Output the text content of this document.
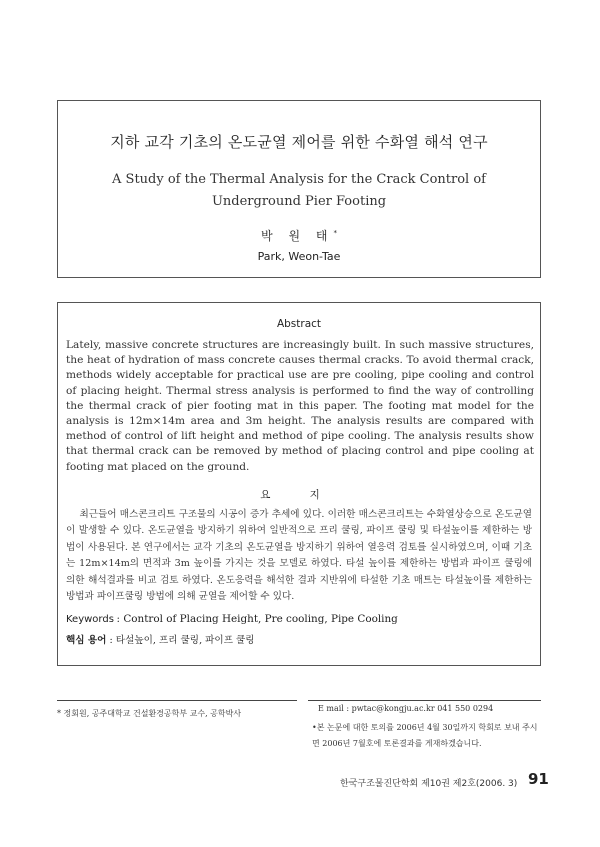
지하 교각 기초의 온도균열 제어를 위한 수화열 해석 연구
A Study of the Thermal Analysis for the Crack Control of
Underground Pier Footing
박 원 태*
Park, Weon-Tae
Abstract
Lately, massive concrete structures are increasingly built. In such massive structures, the heat of hydration of mass concrete causes thermal cracks. To avoid thermal crack, methods widely acceptable for practical use are pre cooling, pipe cooling and control of placing height. Thermal stress analysis is performed to find the way of controlling the thermal crack of pier footing mat in this paper. The footing mat model for the analysis is 12m×14m area and 3m height. The analysis results are compared with method of control of lift height and method of pipe cooling. The analysis results show that thermal crack can be removed by method of placing control and pipe cooling at footing mat placed on the ground.
요 지

최근들어 매스콘크리트 구조물의 시공이 증가 추세에 있다. 이러한 매스콘크리트는 수화열상승으로 온도균열이 발생할 수 있다. 온도균열을 방지하기 위하여 일반적으로 프리 쿨링, 파이프 쿨링 및 타설높이를 제한하는 방법이 사용된다. 본 연구에서는 교각 기초의 온도균열을 방지하기 위하여 열응력 검토를 실시하였으며, 이때 기초는 12m×14m의 면적과 3m 높이를 가지는 것을 모델로 하였다. 타설 높이를 제한하는 방법과 파이프 쿨링에 의한 해석결과를 비교 검토 하였다. 온도응력을 해석한 결과 지반위에 타설한 기초 매트는 타설높이를 제한하는 방법과 파이프쿨링 방법에 의해 균열을 제어할 수 있다.

Keywords : Control of Placing Height, Pre cooling, Pipe Cooling
핵심 용어 : 타설높이, 프리 쿨링, 파이프 쿨링
* 정회원, 공주대학교 건설환경공학부 교수, 공학박사
E mail : pwtac@kongju.ac.kr 041 550 0294
•본 논문에 대한 토의를 2006년 4월 30일까지 학회로 보내 주시면 2006년 7월호에 토론결과를 게재하겠습니다.
한국구조물진단학회 제10권 제2호(2006. 3) 91
